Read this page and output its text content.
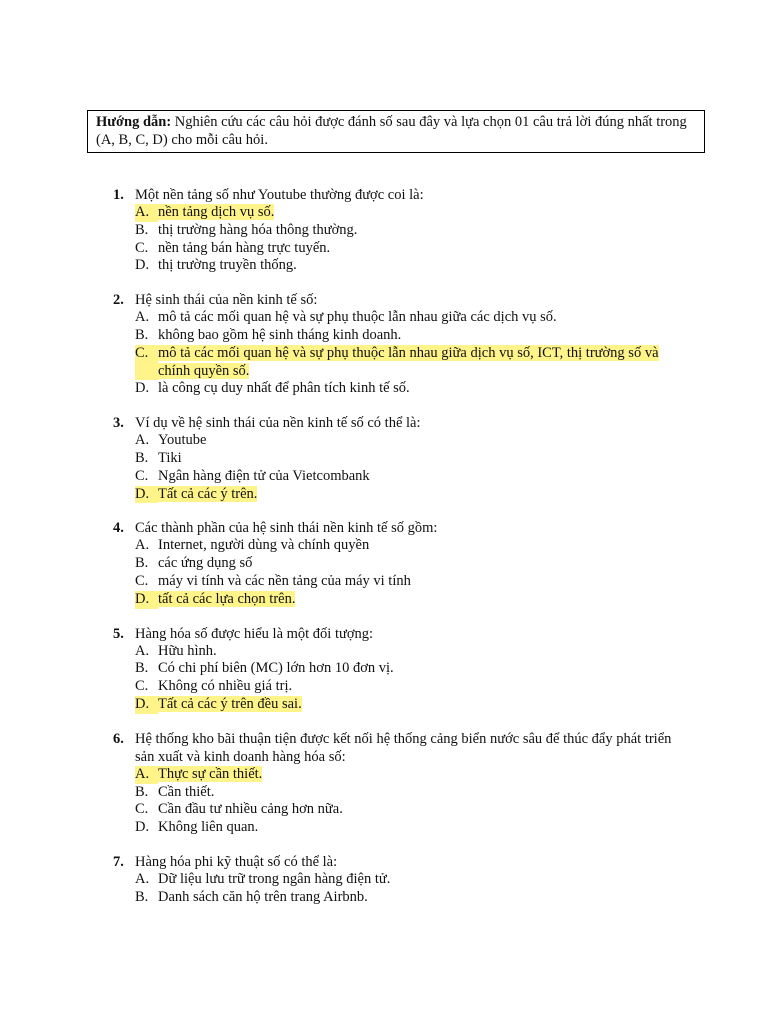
Hướng dẫn: Nghiên cứu các câu hỏi được đánh số sau đây và lựa chọn 01 câu trả lời đúng nhất trong (A, B, C, D) cho mỗi câu hỏi.
1. Một nền tảng số như Youtube thường được coi là:
A. nền tảng dịch vụ số.
B. thị trường hàng hóa thông thường.
C. nền tảng bán hàng trực tuyến.
D. thị trường truyền thống.
2. Hệ sinh thái của nền kinh tế số:
A. mô tả các mối quan hệ và sự phụ thuộc lẫn nhau giữa các dịch vụ số.
B. không bao gồm hệ sinh tháng kinh doanh.
C. mô tả các mối quan hệ và sự phụ thuộc lẫn nhau giữa dịch vụ số, ICT, thị trường số và chính quyền số.
D. là công cụ duy nhất để phân tích kinh tế số.
3. Ví dụ về hệ sinh thái của nền kinh tế số có thể là:
A. Youtube
B. Tiki
C. Ngân hàng điện tử của Vietcombank
D. Tất cả các ý trên.
4. Các thành phần của hệ sinh thái nền kinh tế số gồm:
A. Internet, người dùng và chính quyền
B. các ứng dụng số
C. máy vi tính và các nền tảng của máy vi tính
D. tất cả các lựa chọn trên.
5. Hàng hóa số được hiểu là một đối tượng:
A. Hữu hình.
B. Có chi phí biên (MC) lớn hơn 10 đơn vị.
C. Không có nhiều giá trị.
D. Tất cả các ý trên đều sai.
6. Hệ thống kho bãi thuận tiện được kết nối hệ thống cảng biển nước sâu để thúc đẩy phát triển sản xuất và kinh doanh hàng hóa số:
A. Thực sự cần thiết.
B. Cần thiết.
C. Cần đầu tư nhiều cảng hơn nữa.
D. Không liên quan.
7. Hàng hóa phi kỹ thuật số có thể là:
A. Dữ liệu lưu trữ trong ngân hàng điện tử.
B. Danh sách căn hộ trên trang Airbnb.
